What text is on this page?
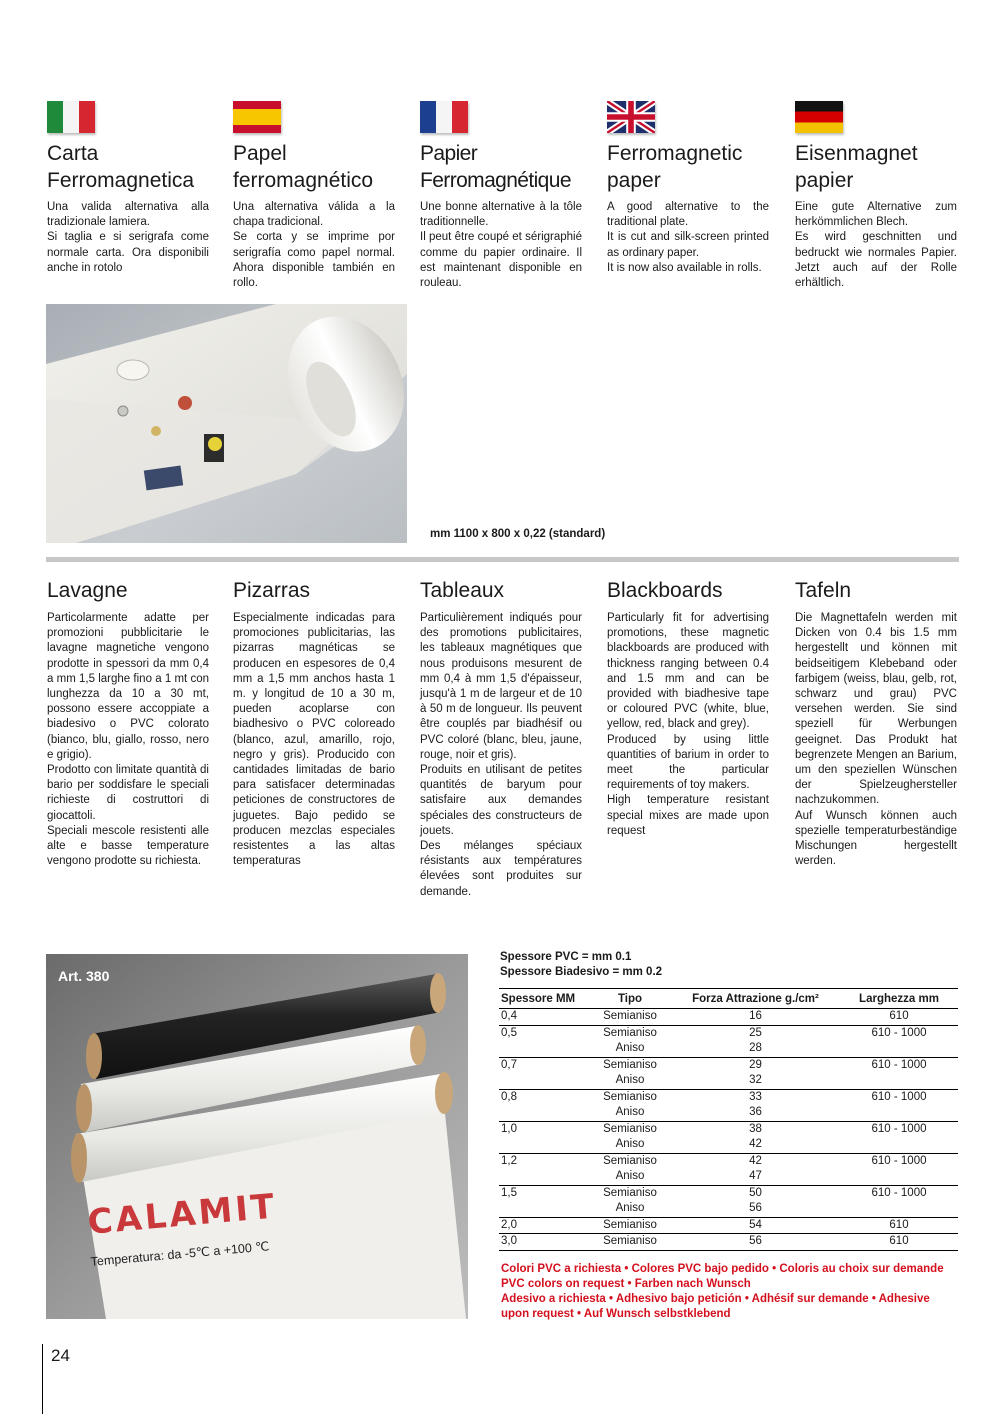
Carta
Ferromagnetica
Una valida alternativa alla tradizionale lamiera.
Si taglia e si serigrafa come normale carta. Ora disponibili anche in rotolo
Papel
ferromagnético
Una alternativa válida a la chapa tradicional.
Se corta y se imprime por serigrafía como papel normal. Ahora disponible también en rollo.
Papier
Ferromagnétique
Une bonne alternative à la tôle traditionnelle.
Il peut être coupé et sérigraphié comme du papier ordinaire. Il est maintenant disponible en rouleau.
Ferromagnetic
paper
A good alternative to the traditional plate.
It is cut and silk-screen printed as ordinary paper.
It is now also available in rolls.
Eisenmagnet
papier
Eine gute Alternative zum herkömmlichen Blech.
Es wird geschnitten und bedruckt wie normales Papier. Jetzt auch auf der Rolle erhältlich.
mm 1100 x 800 x 0,22 (standard)
Lavagne
Particolarmente adatte per promozioni pubblicitarie le lavagne magnetiche vengono prodotte in spessori da mm 0,4 a mm 1,5 larghe fino a 1 mt con lunghezza da 10 a 30 mt, possono essere accoppiate a biadesivo o PVC colorato (bianco, blu, giallo, rosso, nero e grigio).
Prodotto con limitate quantità di bario per soddisfare le speciali richieste di costruttori di giocattoli.
Speciali mescole resistenti alle alte e basse temperature vengono prodotte su richiesta.
Pizarras
Especialmente indicadas para promociones publicitarias, las pizarras magnéticas se producen en espesores de 0,4 mm a 1,5 mm anchos hasta 1 m. y longitud de 10 a 30 m, pueden acoplarse con biadhesivo o PVC coloreado (blanco, azul, amarillo, rojo, negro y gris). Producido con cantidades limitadas de bario para satisfacer determinadas peticiones de constructores de juguetes. Bajo pedido se producen mezclas especiales resistentes a las altas temperaturas
Tableaux
Particulièrement indiqués pour des promotions publicitaires, les tableaux magnétiques que nous produisons mesurent de mm 0,4 à mm 1,5 d'épaisseur, jusqu'à 1 m de largeur et de 10 à 50 m de longueur. Ils peuvent être couplés par biadhésif ou PVC coloré (blanc, bleu, jaune, rouge, noir et gris).
Produits en utilisant de petites quantités de baryum pour satisfaire aux demandes spéciales des constructeurs de jouets.
Des mélanges spéciaux résistants aux températures élevées sont produites sur demande.
Blackboards
Particularly fit for advertising promotions, these magnetic blackboards are produced with thickness ranging between 0.4 and 1.5 mm and can be provided with biadhesive tape or coloured PVC (white, blue, yellow, red, black and grey).
Produced by using little quantities of barium in order to meet the particular requirements of toy makers.
High temperature resistant special mixes are made upon request
Tafeln
Die Magnettafeln werden mit Dicken von 0.4 bis 1.5 mm hergestellt und können mit beidseitigem Klebeband oder farbigem (weiss, blau, gelb, rot, schwarz und grau) PVC versehen werden. Sie sind speziell für Werbungen geeignet. Das Produkt hat begrenzete Mengen an Barium, um den speziellen Wünschen der Spielzeughersteller nachzukommen.
Auf Wunsch können auch spezielle temperaturbeständige Mischungen hergestellt werden.
Art. 380
CALAMIT
Temperatura: da -5℃ a +100 ℃
Spessore PVC = mm 0.1
Spessore Biadesivo = mm 0.2
Spessore MM	Tipo	Forza Attrazione g./cm²	Larghezza mm
0,4	Semianiso	16	610
0,5	Semianiso	25	610 - 1000
	Aniso	28	
0,7	Semianiso	29	610 - 1000
	Aniso	32	
0,8	Semianiso	33	610 - 1000
	Aniso	36	
1,0	Semianiso	38	610 - 1000
	Aniso	42	
1,2	Semianiso	42	610 - 1000
	Aniso	47	
1,5	Semianiso	50	610 - 1000
	Aniso	56	
2,0	Semianiso	54	610
3,0	Semianiso	56	610
Colori PVC a richiesta • Colores PVC bajo pedido • Coloris au choix sur demande PVC colors on request • Farben nach Wunsch
Adesivo a richiesta • Adhesivo bajo petición • Adhésif sur demande • Adhesive upon request • Auf Wunsch selbstklebend
24
